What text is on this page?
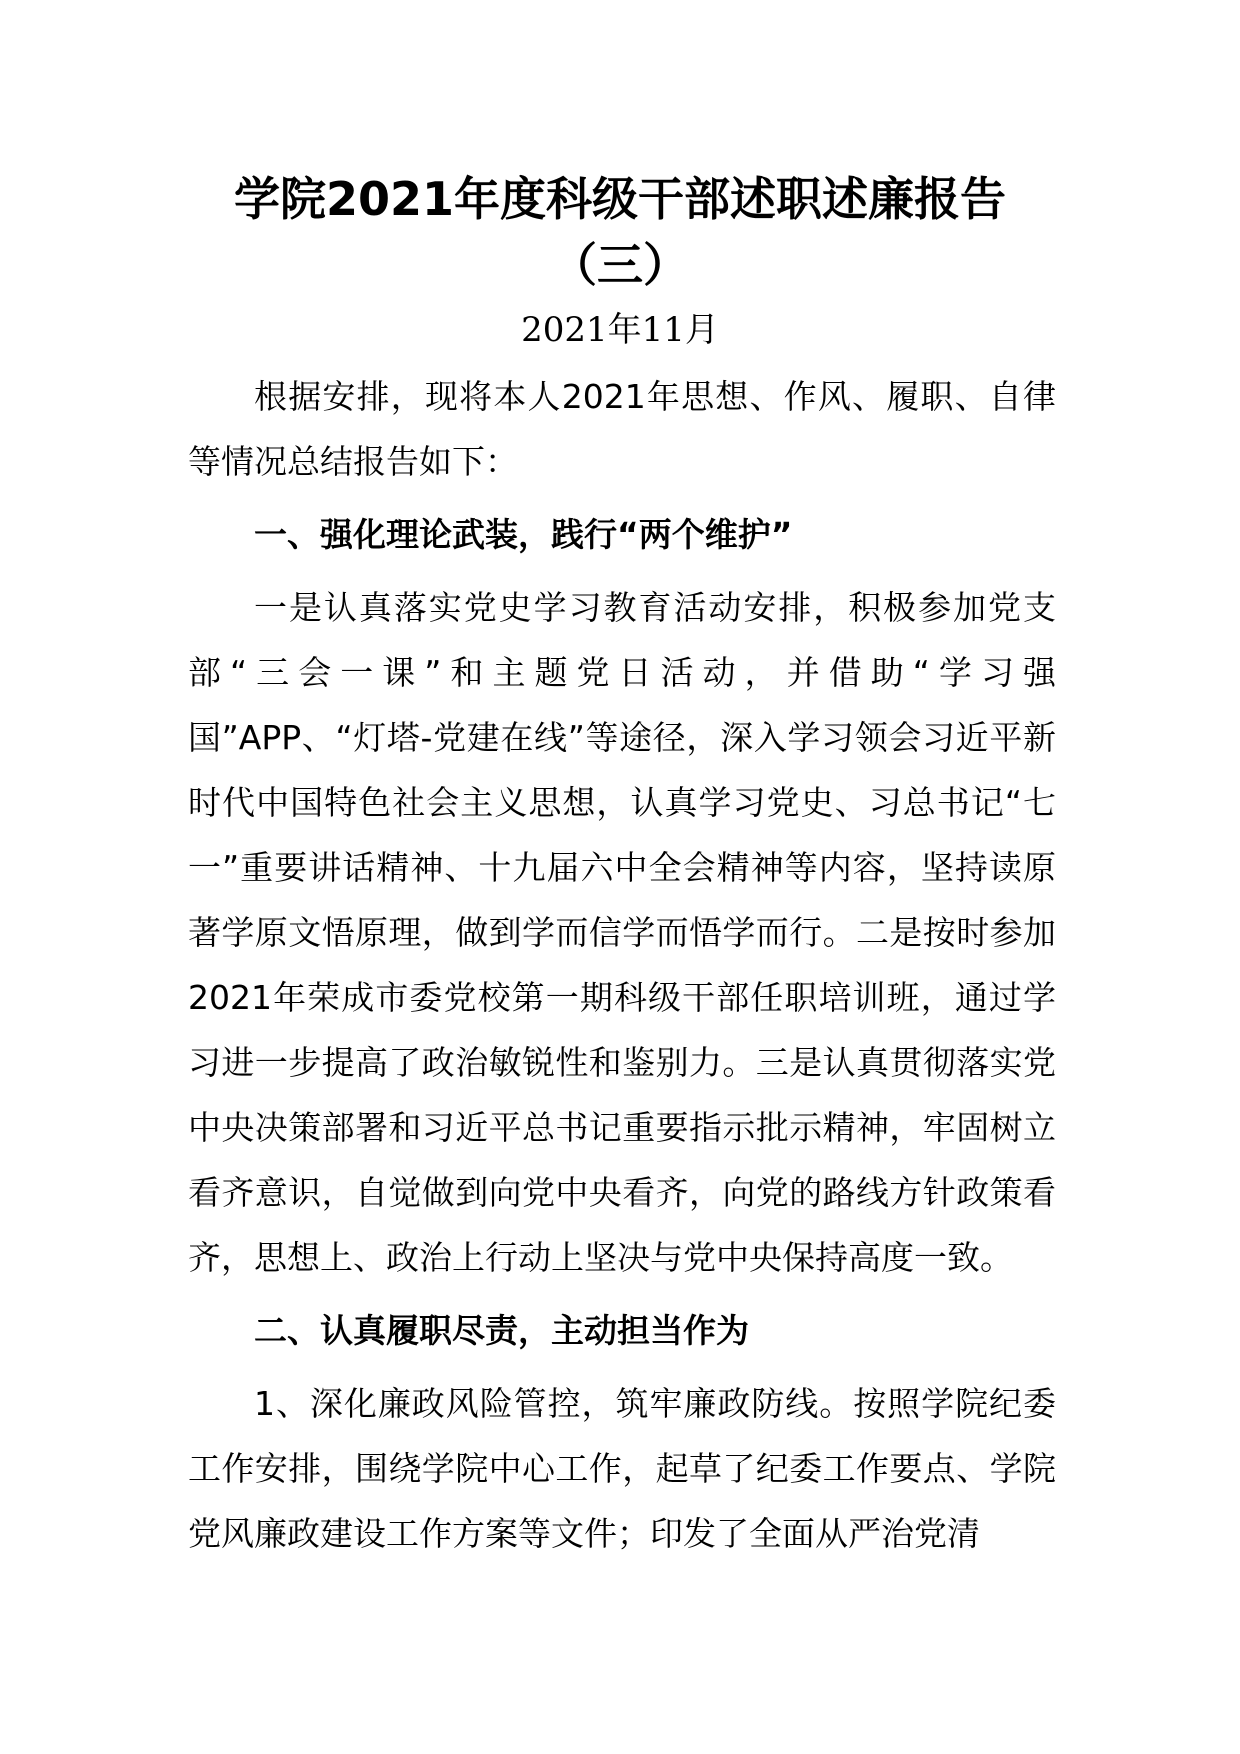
学院2021年度科级干部述职述廉报告
（三）
2021年11月

根据安排，现将本人2021年思想、作风、履职、自律等情况总结报告如下：

一、强化理论武装，践行“两个维护”

一是认真落实党史学习教育活动安排，积极参加党支部“三会一课”和主题党日活动，并借助“学习强国”APP、“灯塔-党建在线”等途径，深入学习领会习近平新时代中国特色社会主义思想，认真学习党史、习总书记“七一”重要讲话精神、十九届六中全会精神等内容，坚持读原著学原文悟原理，做到学而信学而悟学而行。二是按时参加2021年荣成市委党校第一期科级干部任职培训班，通过学习进一步提高了政治敏锐性和鉴别力。三是认真贯彻落实党中央决策部署和习近平总书记重要指示批示精神，牢固树立看齐意识，自觉做到向党中央看齐，向党的路线方针政策看齐，思想上、政治上行动上坚决与党中央保持高度一致。

二、认真履职尽责，主动担当作为

1、深化廉政风险管控，筑牢廉政防线。按照学院纪委工作安排，围绕学院中心工作，起草了纪委工作要点、学院党风廉政建设工作方案等文件；印发了全面从严治党清
